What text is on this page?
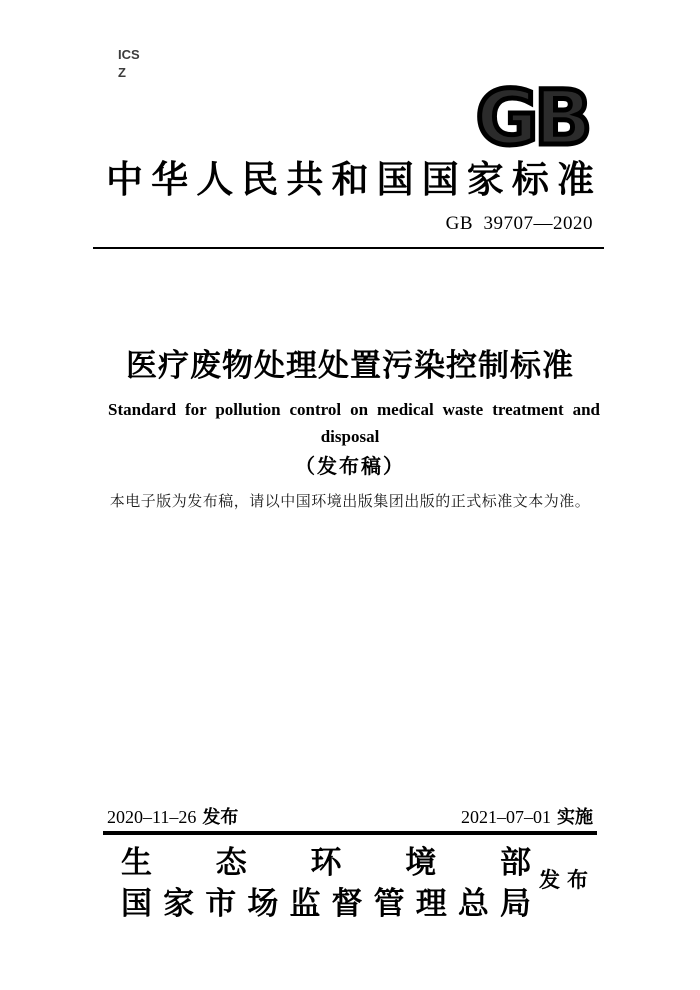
ICS
Z
GB
中华人民共和国国家标准
GB  39707—2020
医疗废物处理处置污染控制标准
Standard for pollution control on medical waste treatment and
disposal
（发布稿）
本电子版为发布稿，请以中国环境出版集团出版的正式标准文本为准。
2020–11–26 发布	2021–07–01 实施
生态环境部
国家市场监督管理总局
发布
